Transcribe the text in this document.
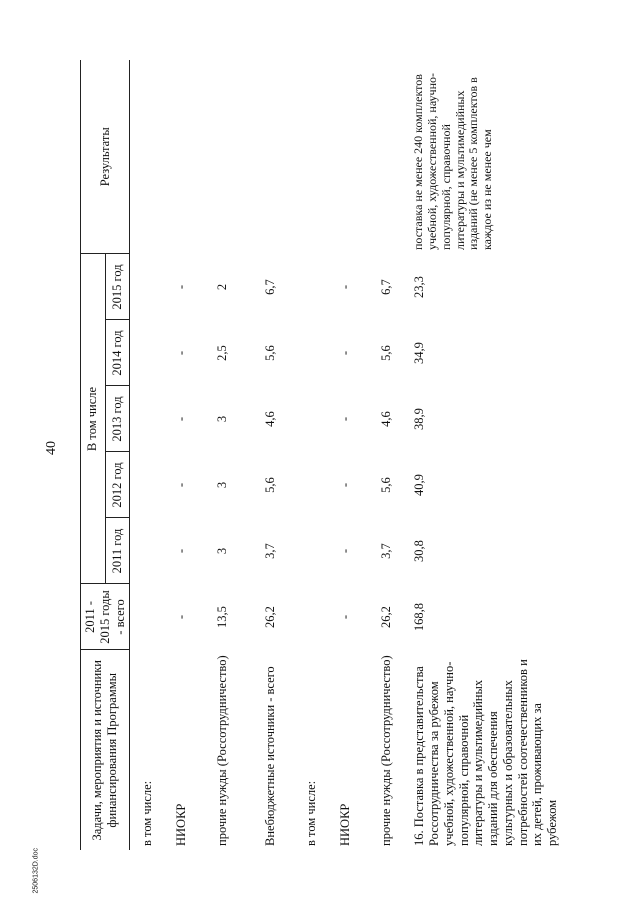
40
2506132D.doc
Задачи, мероприятия и источники финансирования Программы	2011 - 2015 годы - всего	В том числе					Результаты
		2011 год	2012 год	2013 год	2014 год	2015 год	
в том числе:							
НИОКР	-	-	-	-	-	-	
прочие нужды (Россотрудничество)	13,5	3	3	3	2,5	2	
Внебюджетные источники - всего	26,2	3,7	5,6	4,6	5,6	6,7	
в том числе:							
НИОКР	-	-	-	-	-	-	
прочие нужды (Россотрудничество)	26,2	3,7	5,6	4,6	5,6	6,7	
16. Поставка в представительства Россотрудничества за рубежом учебной, художественной, научно-популярной, справочной литературы и мультимедийных изданий для обеспечения культурных и образовательных потребностей соотечественников и их детей, проживающих за рубежом	168,8	30,8	40,9	38,9	34,9	23,3	поставка не менее 240 комплектов учебной, художественной, научно-популярной, справочной литературы и мультимедийных изданий (не менее 5 комплектов в каждое из не менее чем
